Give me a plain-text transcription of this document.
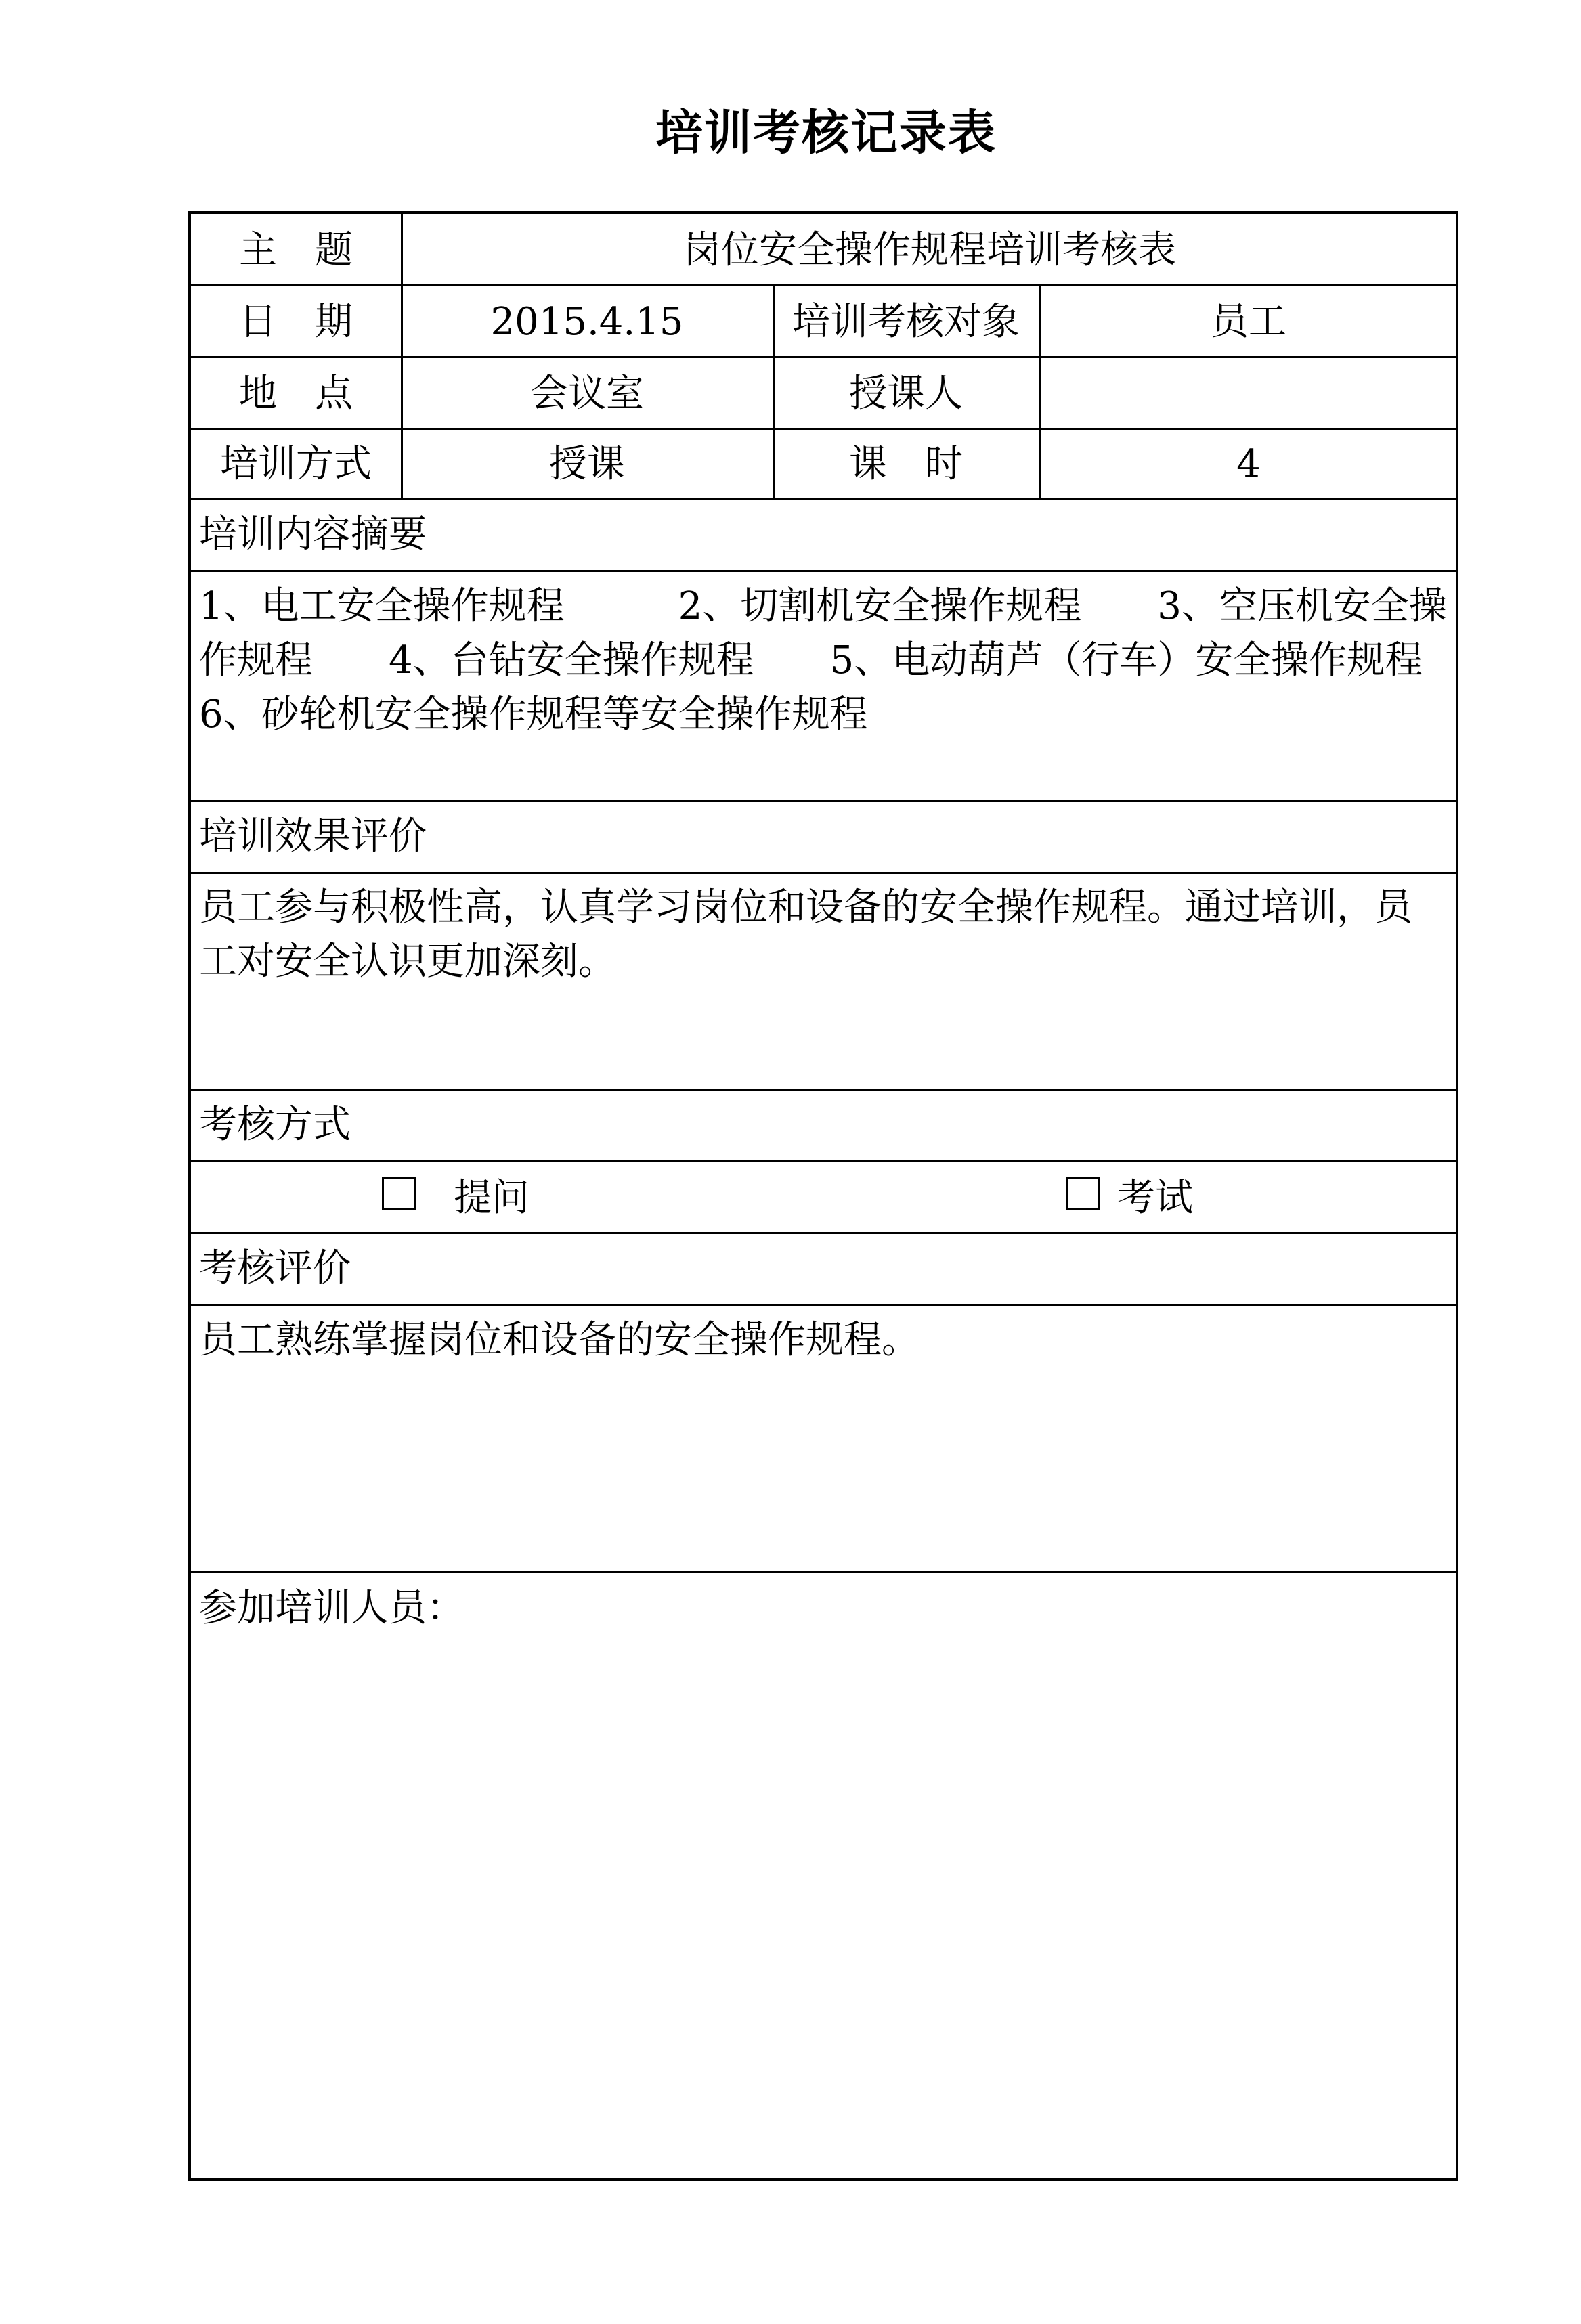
培训考核记录表
主　题	岗位安全操作规程培训考核表
日　期	2015.4.15	培训考核对象	员工
地　点	会议室	授课人
培训方式	授课	课　时	4
培训内容摘要
1、电工安全操作规程　　　2、切割机安全操作规程　　3、空压机安全操
作规程　　4、台钻安全操作规程　　5、电动葫芦（行车）安全操作规程
6、砂轮机安全操作规程等安全操作规程
培训效果评价
员工参与积极性高，认真学习岗位和设备的安全操作规程。通过培训，员
工对安全认识更加深刻。
考核方式
提问	考试
考核评价
员工熟练掌握岗位和设备的安全操作规程。
参加培训人员：
